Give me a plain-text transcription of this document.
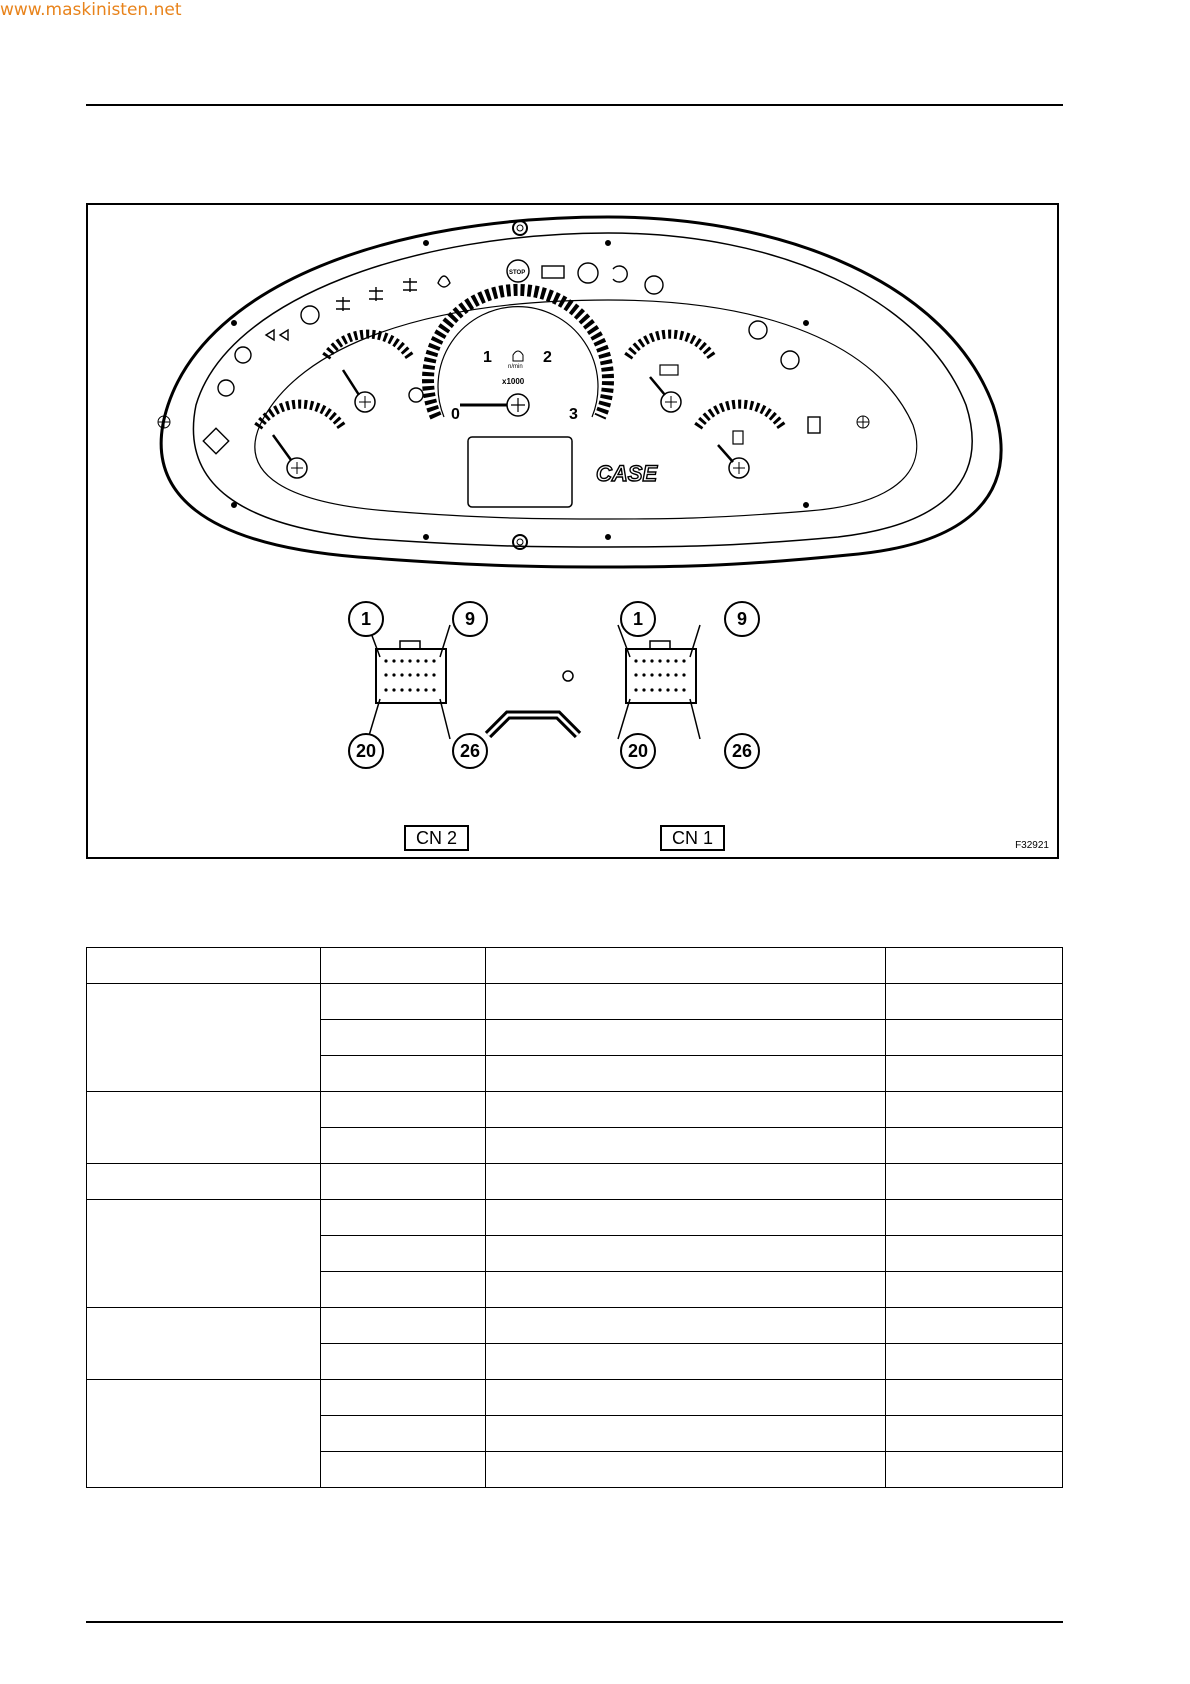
www.maskinisten.net
0
1	2
3
x1000
n/min
STOP
CASE
1	9
20	26
1	9
20	26
CN 2	CN 1	F32921
